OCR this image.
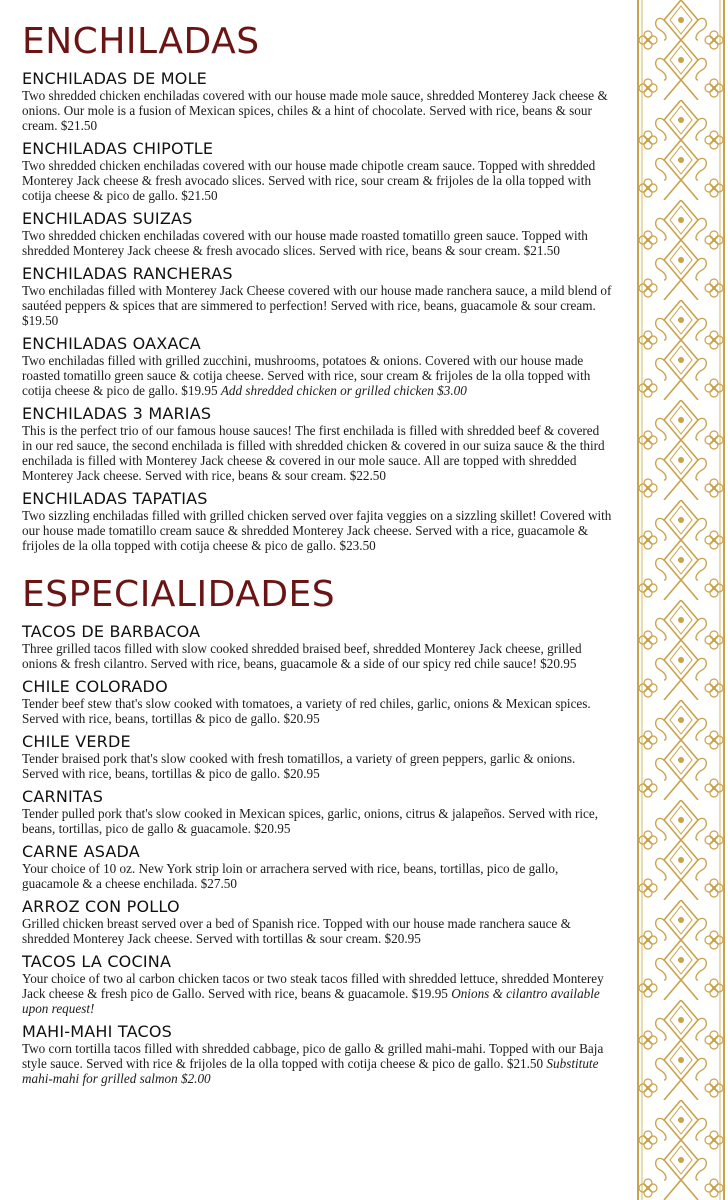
ENCHILADAS
ENCHILADAS DE MOLE
Two shredded chicken enchiladas covered with our house made mole sauce, shredded Monterey Jack cheese & onions. Our mole is a fusion of Mexican spices, chiles & a hint of chocolate. Served with rice, beans & sour cream. $21.50
ENCHILADAS CHIPOTLE
Two shredded chicken enchiladas covered with our house made chipotle cream sauce. Topped with shredded Monterey Jack cheese & fresh avocado slices. Served with rice, sour cream & frijoles de la olla topped with cotija cheese & pico de gallo. $21.50
ENCHILADAS SUIZAS
Two shredded chicken enchiladas covered with our house made roasted tomatillo green sauce. Topped with shredded Monterey Jack cheese & fresh avocado slices. Served with rice, beans & sour cream. $21.50
ENCHILADAS RANCHERAS
Two enchiladas filled with Monterey Jack Cheese covered with our house made ranchera sauce, a mild blend of sautéed peppers & spices that are simmered to perfection! Served with rice, beans, guacamole & sour cream. $19.50
ENCHILADAS OAXACA
Two enchiladas filled with grilled zucchini, mushrooms, potatoes & onions. Covered with our house made roasted tomatillo green sauce & cotija cheese. Served with rice, sour cream & frijoles de la olla topped with cotija cheese & pico de gallo. $19.95 Add shredded chicken or grilled chicken $3.00
ENCHILADAS 3 MARIAS
This is the perfect trio of our famous house sauces! The first enchilada is filled with shredded beef & covered in our red sauce, the second enchilada is filled with shredded chicken & covered in our suiza sauce & the third enchilada is filled with Monterey Jack cheese & covered in our mole sauce. All are topped with shredded Monterey Jack cheese. Served with rice, beans & sour cream. $22.50
ENCHILADAS TAPATIAS
Two sizzling enchiladas filled with grilled chicken served over fajita veggies on a sizzling skillet! Covered with our house made tomatillo cream sauce & shredded Monterey Jack cheese. Served with a rice, guacamole & frijoles de la olla topped with cotija cheese & pico de gallo. $23.50
ESPECIALIDADES
TACOS DE BARBACOA
Three grilled tacos filled with slow cooked shredded braised beef, shredded Monterey Jack cheese, grilled onions & fresh cilantro. Served with rice, beans, guacamole & a side of our spicy red chile sauce! $20.95
CHILE COLORADO
Tender beef stew that's slow cooked with tomatoes, a variety of red chiles, garlic, onions & Mexican spices. Served with rice, beans, tortillas & pico de gallo. $20.95
CHILE VERDE
Tender braised pork that's slow cooked with fresh tomatillos, a variety of green peppers, garlic & onions. Served with rice, beans, tortillas & pico de gallo. $20.95
CARNITAS
Tender pulled pork that's slow cooked in Mexican spices, garlic, onions, citrus & jalapeños. Served with rice, beans, tortillas, pico de gallo & guacamole. $20.95
CARNE ASADA
Your choice of 10 oz. New York strip loin or arrachera served with rice, beans, tortillas, pico de gallo, guacamole & a cheese enchilada. $27.50
ARROZ CON POLLO
Grilled chicken breast served over a bed of Spanish rice. Topped with our house made ranchera sauce & shredded Monterey Jack cheese. Served with tortillas & sour cream. $20.95
TACOS LA COCINA
Your choice of two al carbon chicken tacos or two steak tacos filled with shredded lettuce, shredded Monterey Jack cheese & fresh pico de Gallo. Served with rice, beans & guacamole. $19.95 Onions & cilantro available upon request!
MAHI-MAHI TACOS
Two corn tortilla tacos filled with shredded cabbage, pico de gallo & grilled mahi-mahi. Topped with our Baja style sauce. Served with rice & frijoles de la olla topped with cotija cheese & pico de gallo. $21.50 Substitute mahi-mahi for grilled salmon $2.00
